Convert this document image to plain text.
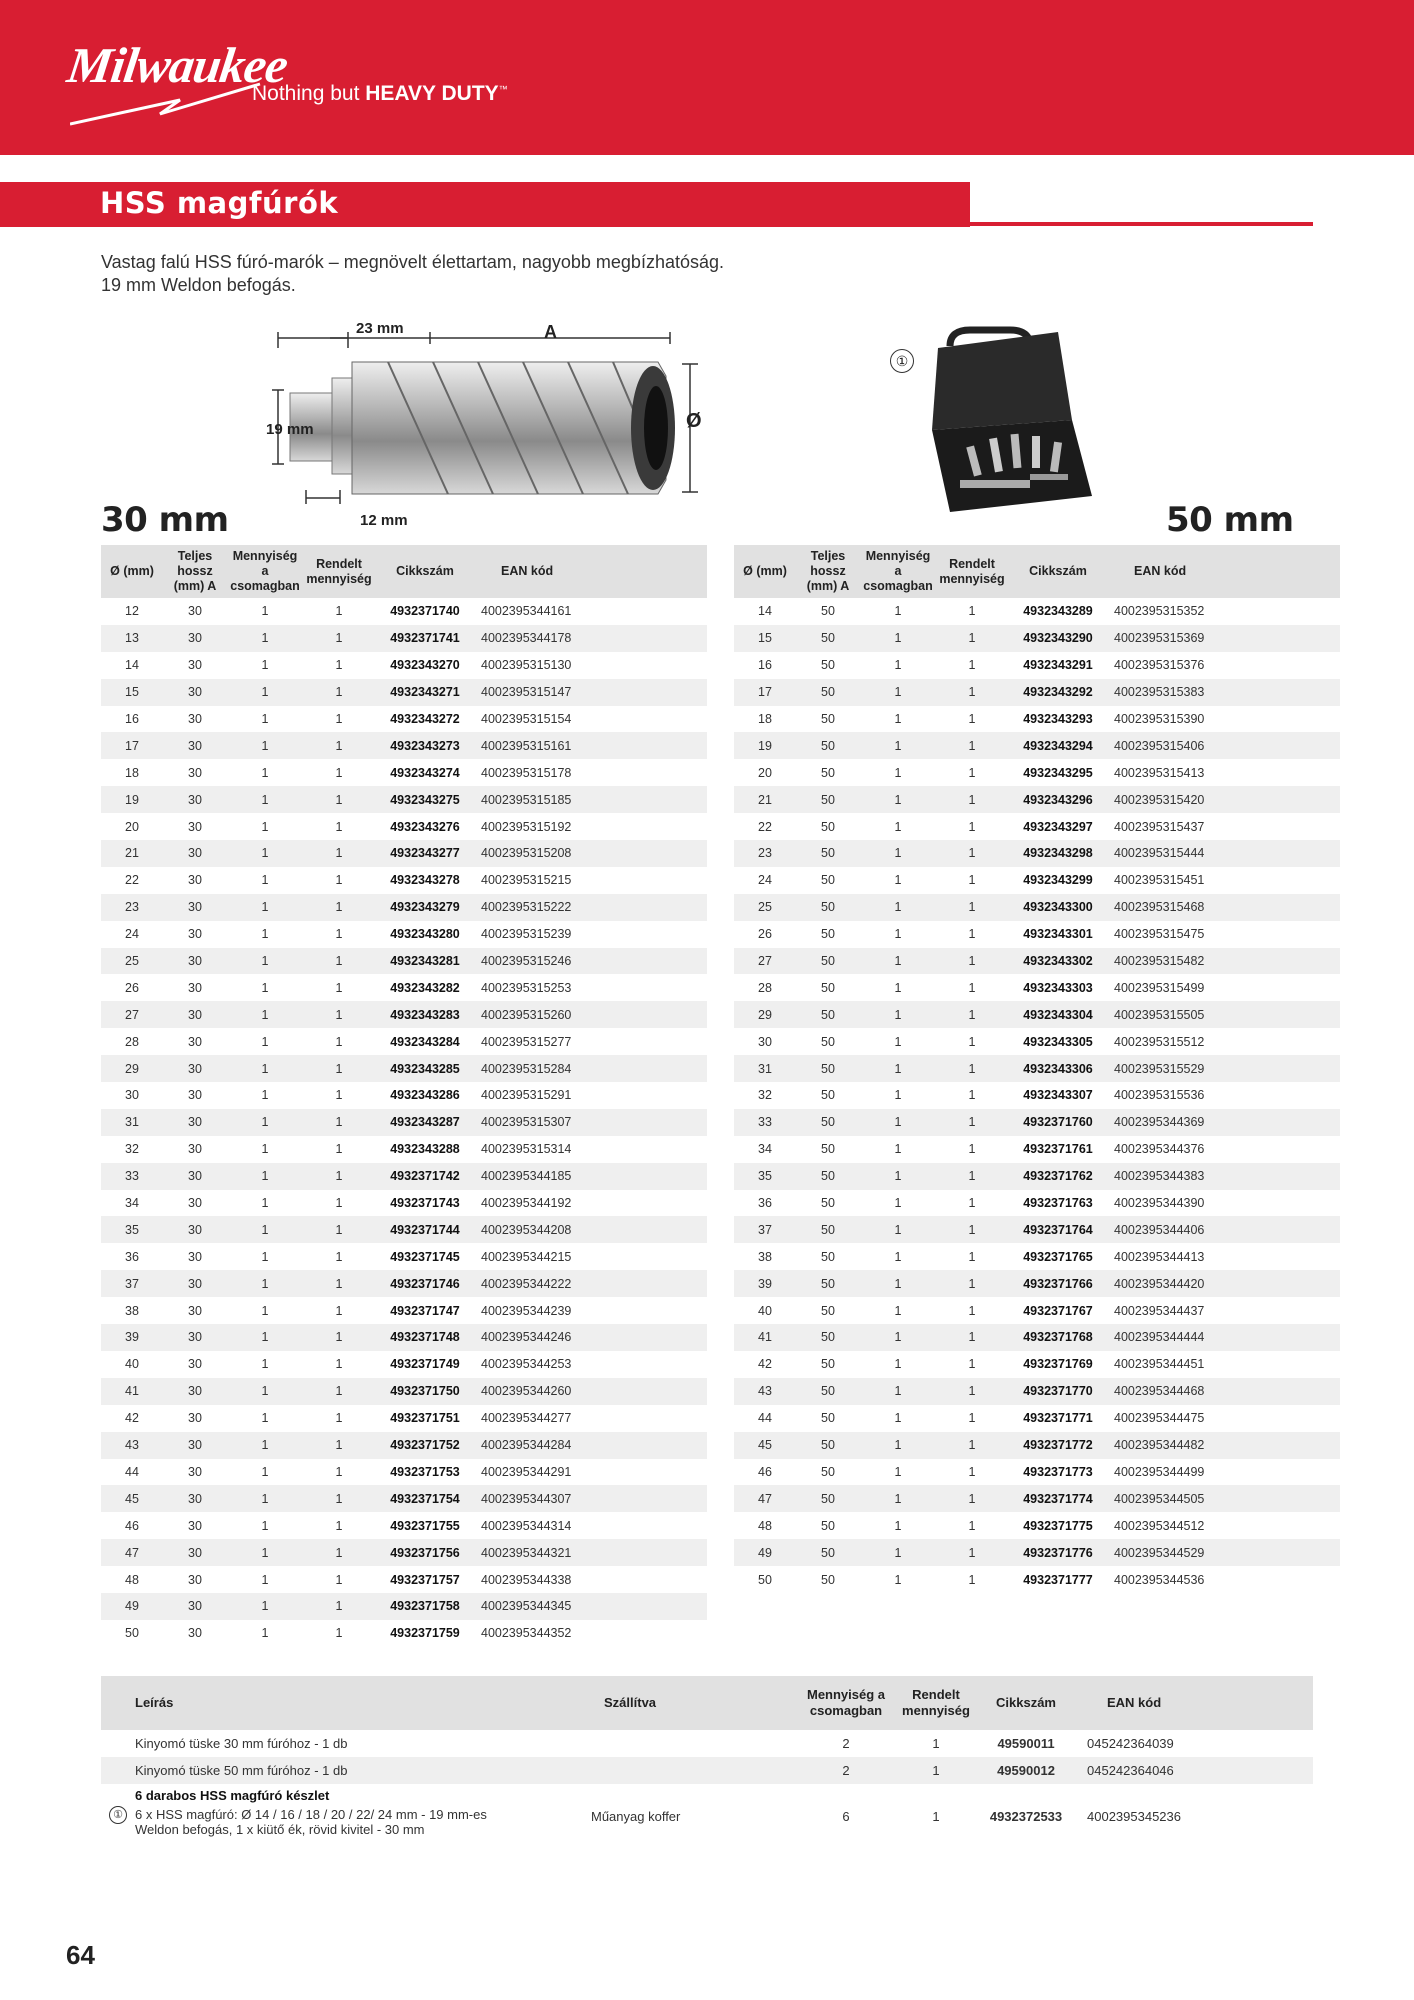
Milwaukee
Nothing but HEAVY DUTY™
HSS magfúrók
Vastag falú HSS fúró-marók – megnövelt élettartam, nagyobb megbízhatóság.
19 mm Weldon befogás.
23 mm	A
19 mm	Ø
12 mm
①
30 mm	50 mm
Ø (mm)	Teljes
hossz
(mm) A	Mennyiség
a
csomagban	Rendelt
mennyiség	Cikkszám	EAN kód
12	30	1	1	4932371740	4002395344161
13	30	1	1	4932371741	4002395344178
14	30	1	1	4932343270	4002395315130
15	30	1	1	4932343271	4002395315147
16	30	1	1	4932343272	4002395315154
17	30	1	1	4932343273	4002395315161
18	30	1	1	4932343274	4002395315178
19	30	1	1	4932343275	4002395315185
20	30	1	1	4932343276	4002395315192
21	30	1	1	4932343277	4002395315208
22	30	1	1	4932343278	4002395315215
23	30	1	1	4932343279	4002395315222
24	30	1	1	4932343280	4002395315239
25	30	1	1	4932343281	4002395315246
26	30	1	1	4932343282	4002395315253
27	30	1	1	4932343283	4002395315260
28	30	1	1	4932343284	4002395315277
29	30	1	1	4932343285	4002395315284
30	30	1	1	4932343286	4002395315291
31	30	1	1	4932343287	4002395315307
32	30	1	1	4932343288	4002395315314
33	30	1	1	4932371742	4002395344185
34	30	1	1	4932371743	4002395344192
35	30	1	1	4932371744	4002395344208
36	30	1	1	4932371745	4002395344215
37	30	1	1	4932371746	4002395344222
38	30	1	1	4932371747	4002395344239
39	30	1	1	4932371748	4002395344246
40	30	1	1	4932371749	4002395344253
41	30	1	1	4932371750	4002395344260
42	30	1	1	4932371751	4002395344277
43	30	1	1	4932371752	4002395344284
44	30	1	1	4932371753	4002395344291
45	30	1	1	4932371754	4002395344307
46	30	1	1	4932371755	4002395344314
47	30	1	1	4932371756	4002395344321
48	30	1	1	4932371757	4002395344338
49	30	1	1	4932371758	4002395344345
50	30	1	1	4932371759	4002395344352
Ø (mm)	Teljes
hossz
(mm) A	Mennyiség
a
csomagban	Rendelt
mennyiség	Cikkszám	EAN kód
14	50	1	1	4932343289	4002395315352
15	50	1	1	4932343290	4002395315369
16	50	1	1	4932343291	4002395315376
17	50	1	1	4932343292	4002395315383
18	50	1	1	4932343293	4002395315390
19	50	1	1	4932343294	4002395315406
20	50	1	1	4932343295	4002395315413
21	50	1	1	4932343296	4002395315420
22	50	1	1	4932343297	4002395315437
23	50	1	1	4932343298	4002395315444
24	50	1	1	4932343299	4002395315451
25	50	1	1	4932343300	4002395315468
26	50	1	1	4932343301	4002395315475
27	50	1	1	4932343302	4002395315482
28	50	1	1	4932343303	4002395315499
29	50	1	1	4932343304	4002395315505
30	50	1	1	4932343305	4002395315512
31	50	1	1	4932343306	4002395315529
32	50	1	1	4932343307	4002395315536
33	50	1	1	4932371760	4002395344369
34	50	1	1	4932371761	4002395344376
35	50	1	1	4932371762	4002395344383
36	50	1	1	4932371763	4002395344390
37	50	1	1	4932371764	4002395344406
38	50	1	1	4932371765	4002395344413
39	50	1	1	4932371766	4002395344420
40	50	1	1	4932371767	4002395344437
41	50	1	1	4932371768	4002395344444
42	50	1	1	4932371769	4002395344451
43	50	1	1	4932371770	4002395344468
44	50	1	1	4932371771	4002395344475
45	50	1	1	4932371772	4002395344482
46	50	1	1	4932371773	4002395344499
47	50	1	1	4932371774	4002395344505
48	50	1	1	4932371775	4002395344512
49	50	1	1	4932371776	4002395344529
50	50	1	1	4932371777	4002395344536
Leírás	Szállítva	Mennyiség a
csomagban	Rendelt
mennyiség	Cikkszám	EAN kód
Kinyomó tüske 30 mm fúróhoz - 1 db		2	1	49590011	045242364039
Kinyomó tüske 50 mm fúróhoz - 1 db		2	1	49590012	045242364046

①
6 darabos HSS magfúró készlet
6 x HSS magfúró: Ø 14 / 16 / 18 / 20 / 22/ 24 mm - 19 mm-es
Weldon befogás, 1 x kiütő ék, rövid kivitel - 30 mm	Műanyag koffer	6	1	4932372533	4002395345236
64
